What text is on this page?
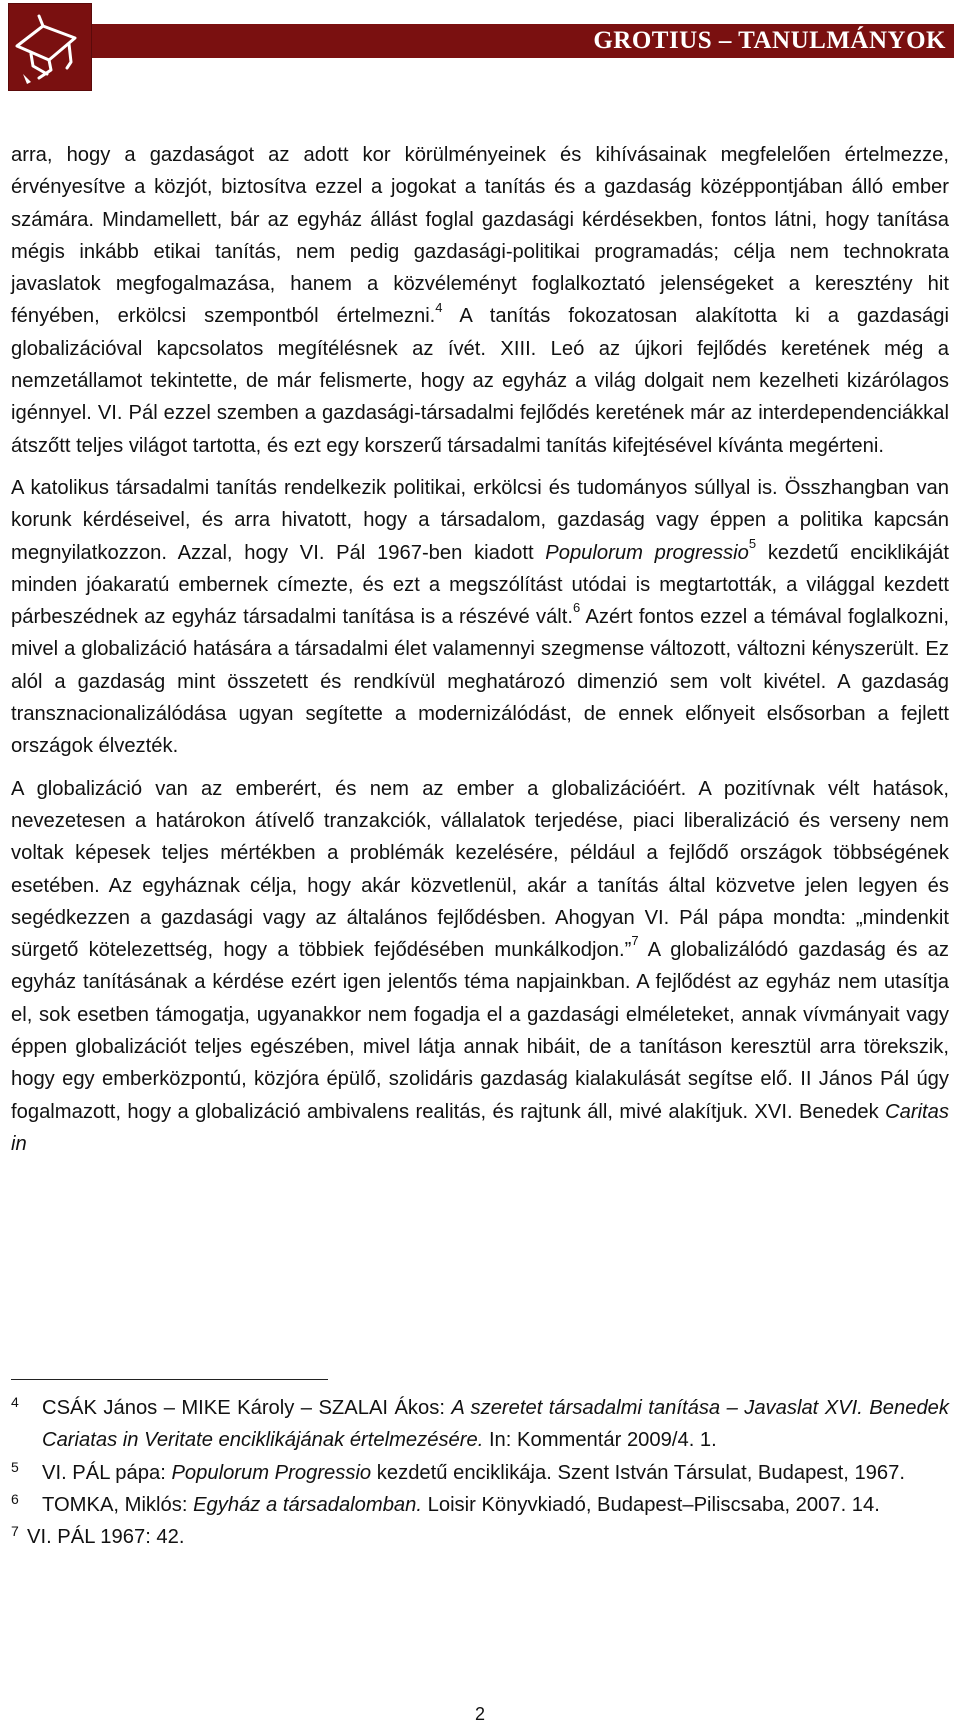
GROTIUS – TANULMÁNYOK

arra, hogy a gazdaságot az adott kor körülményeinek és kihívásainak megfelelően értelmezze, érvényesítve a közjót, biztosítva ezzel a jogokat a tanítás és a gazdaság középpontjában álló ember számára. Mindamellett, bár az egyház állást foglal gazdasági kérdésekben, fontos látni, hogy tanítása mégis inkább etikai tanítás, nem pedig gazdasági-politikai programadás; célja nem technokrata javaslatok megfogalmazása, hanem a közvéleményt foglalkoztató jelenségeket a keresztény hit fényében, erkölcsi szempontból értelmezni.$^4$ A tanítás fokozatosan alakította ki a gazdasági globalizációval kapcsolatos megítélésnek az ívét. XIII. Leó az újkori fejlődés keretének még a nemzetállamot tekintette, de már felismerte, hogy az egyház a világ dolgait nem kezelheti kizárólagos igénnyel. VI. Pál ezzel szemben a gazdasági-társadalmi fejlődés keretének már az interdependenciákkal átszőtt teljes világot tartotta, és ezt egy korszerű társadalmi tanítás kifejtésével kívánta megérteni.

A katolikus társadalmi tanítás rendelkezik politikai, erkölcsi és tudományos súllyal is. Összhangban van korunk kérdéseivel, és arra hivatott, hogy a társadalom, gazdaság vagy éppen a politika kapcsán megnyilatkozzon. Azzal, hogy VI. Pál 1967-ben kiadott Populorum progressio$^5$ kezdetű enciklikáját minden jóakaratú embernek címezte, és ezt a megszólítást utódai is megtartották, a világgal kezdett párbeszédnek az egyház társadalmi tanítása is a részévé vált.$^6$ Azért fontos ezzel a témával foglalkozni, mivel a globalizáció hatására a társadalmi élet valamennyi szegmense változott, változni kényszerült. Ez alól a gazdaság mint összetett és rendkívül meghatározó dimenzió sem volt kivétel. A gazdaság transznacionalizálódása ugyan segítette a modernizálódást, de ennek előnyeit elsősorban a fejlett országok élvezték.

A globalizáció van az emberért, és nem az ember a globalizációért. A pozitívnak vélt hatások, nevezetesen a határokon átívelő tranzakciók, vállalatok terjedése, piaci liberalizáció és verseny nem voltak képesek teljes mértékben a problémák kezelésére, például a fejlődő országok többségének esetében. Az egyháznak célja, hogy akár közvetlenül, akár a tanítás által közvetve jelen legyen és segédkezzen a gazdasági vagy az általános fejlődésben. Ahogyan VI. Pál pápa mondta: „mindenkit sürgető kötelezettség, hogy a többiek fejődésében munkálkodjon.”$^7$ A globalizálódó gazdaság és az egyház tanításának a kérdése ezért igen jelentős téma napjainkban. A fejlődést az egyház nem utasítja el, sok esetben támogatja, ugyanakkor nem fogadja el a gazdasági elméleteket, annak vívmányait vagy éppen globalizációt teljes egészében, mivel látja annak hibáit, de a tanításon keresztül arra törekszik, hogy egy emberközpontú, közjóra épülő, szolidáris gazdaság kialakulását segítse elő. II János Pál úgy fogalmazott, hogy a globalizáció ambivalens realitás, és rajtunk áll, mivé alakítjuk. XVI. Benedek Caritas in

4 CSÁK János – MIKE Károly – SZALAI Ákos: A szeretet társadalmi tanítása – Javaslat XVI. Benedek Cariatas in Veritate enciklikájának értelmezésére. In: Kommentár 2009/4. 1.

5 VI. PÁL pápa: Populorum Progressio kezdetű enciklikája. Szent István Társulat, Budapest, 1967.

6 TOMKA, Miklós: Egyház a társadalomban. Loisir Könyvkiadó, Budapest–Piliscsaba, 2007. 14.

7 VI. PÁL 1967: 42.

2
